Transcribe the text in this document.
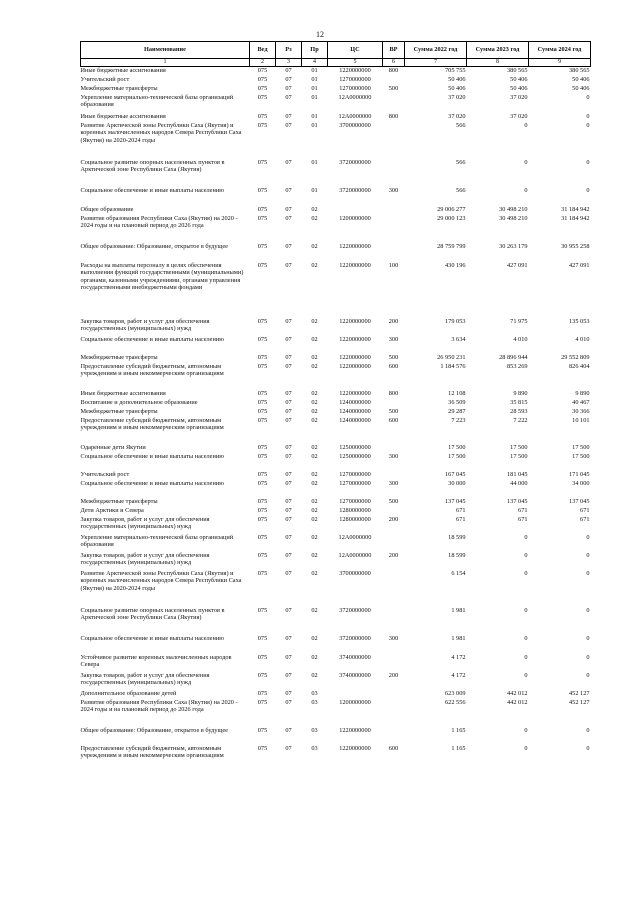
12
Наименование	Вед	Рз	Пр	ЦС	ВР	Сумма 2022 год	Сумма 2023 год	Сумма 2024 год
1	2	3	4	5	6	7	8	9
Иные бюджетные ассигнования	075	07	01	1220000000	800	705 755	380 565	380 565
Учительский рост	075	07	01	1270000000		50 406	50 406	50 406
Межбюджетные трансферты	075	07	01	1270000000	500	50 406	50 406	50 406
Укрепление материально-технической базы организаций образования	075	07	01	12А0000000		37 020	37 020	0
Иные бюджетные ассигнования	075	07	01	12А0000000	800	37 020	37 020	0
Развитие Арктической зоны Республики Саха (Якутия) и коренных малочисленных народов Севера Республики Саха (Якутия) на 2020-2024 годы	075	07	01	3700000000		566	0	0
Социальное развитие опорных населенных пунктов в Арктической зоне Республики Саха (Якутия)	075	07	01	3720000000		566	0	0
Социальное обеспечение и иные выплаты населению	075	07	01	3720000000	300	566	0	0
Общее образование	075	07	02			29 006 277	30 498 210	31 184 942
Развитие образования Республики Саха (Якутия) на 2020 - 2024 годы и на плановый период до 2026 года	075	07	02	1200000000		29 000 123	30 498 210	31 184 942
Общее образование: Образование, открытое в будущее	075	07	02	1220000000		28 759 799	30 263 179	30 955 258
Расходы на выплаты персоналу в целях обеспечения выполнения функций государственными (муниципальными) органами, казенными учреждениями, органами управления государственными внебюджетными фондами	075	07	02	1220000000	100	430 196	427 091	427 091
Закупка товаров, работ и услуг для обеспечения государственных (муниципальных) нужд	075	07	02	1220000000	200	179 053	71 975	135 053
Социальное обеспечение и иные выплаты населению	075	07	02	1220000000	300	3 634	4 010	4 010
Межбюджетные трансферты	075	07	02	1220000000	500	26 950 231	28 896 944	29 552 809
Предоставление субсидий бюджетным, автономным учреждениям и иным некоммерческим организациям	075	07	02	1220000000	600	1 184 576	853 269	826 404
Иные бюджетные ассигнования	075	07	02	1220000000	800	12 108	9 890	9 890
Воспитание и дополнительное образование	075	07	02	1240000000		36 509	35 815	40 467
Межбюджетные трансферты	075	07	02	1240000000	500	29 287	28 593	30 366
Предоставление субсидий бюджетным, автономным учреждениям и иным некоммерческим организациям	075	07	02	1240000000	600	7 223	7 222	10 101
Одаренные дети Якутии	075	07	02	1250000000		17 500	17 500	17 500
Социальное обеспечение и иные выплаты населению	075	07	02	1250000000	300	17 500	17 500	17 500
Учительский рост	075	07	02	1270000000		167 045	181 045	171 045
Социальное обеспечение и иные выплаты населению	075	07	02	1270000000	300	30 000	44 000	34 000
Межбюджетные трансферты	075	07	02	1270000000	500	137 045	137 045	137 045
Дети Арктики и Севера	075	07	02	1280000000		671	671	671
Закупка товаров, работ и услуг для обеспечения государственных (муниципальных) нужд	075	07	02	1280000000	200	671	671	671
Укрепление материально-технической базы организаций образования	075	07	02	12А0000000		18 599	0	0
Закупка товаров, работ и услуг для обеспечения государственных (муниципальных) нужд	075	07	02	12А0000000	200	18 599	0	0
Развитие Арктической зоны Республики Саха (Якутия) и коренных малочисленных народов Севера Республики Саха (Якутия) на 2020-2024 годы	075	07	02	3700000000		6 154	0	0
Социальное развитие опорных населенных пунктов в Арктической зоне Республики Саха (Якутия)	075	07	02	3720000000		1 981	0	0
Социальное обеспечение и иные выплаты населению	075	07	02	3720000000	300	1 981	0	0
Устойчивое развитие коренных малочисленных народов Севера	075	07	02	3740000000		4 172	0	0
Закупка товаров, работ и услуг для обеспечения государственных (муниципальных) нужд	075	07	02	3740000000	200	4 172	0	0
Дополнительное образование детей	075	07	03			623 009	442 012	452 127
Развитие образования Республики Саха (Якутия) на 2020 - 2024 годы и на плановый период до 2026 года	075	07	03	1200000000		622 556	442 012	452 127
Общее образование: Образование, открытое в будущее	075	07	03	1220000000		1 165	0	0
Предоставление субсидий бюджетным, автономным учреждениям и иным некоммерческим организациям	075	07	03	1220000000	600	1 165	0	0
